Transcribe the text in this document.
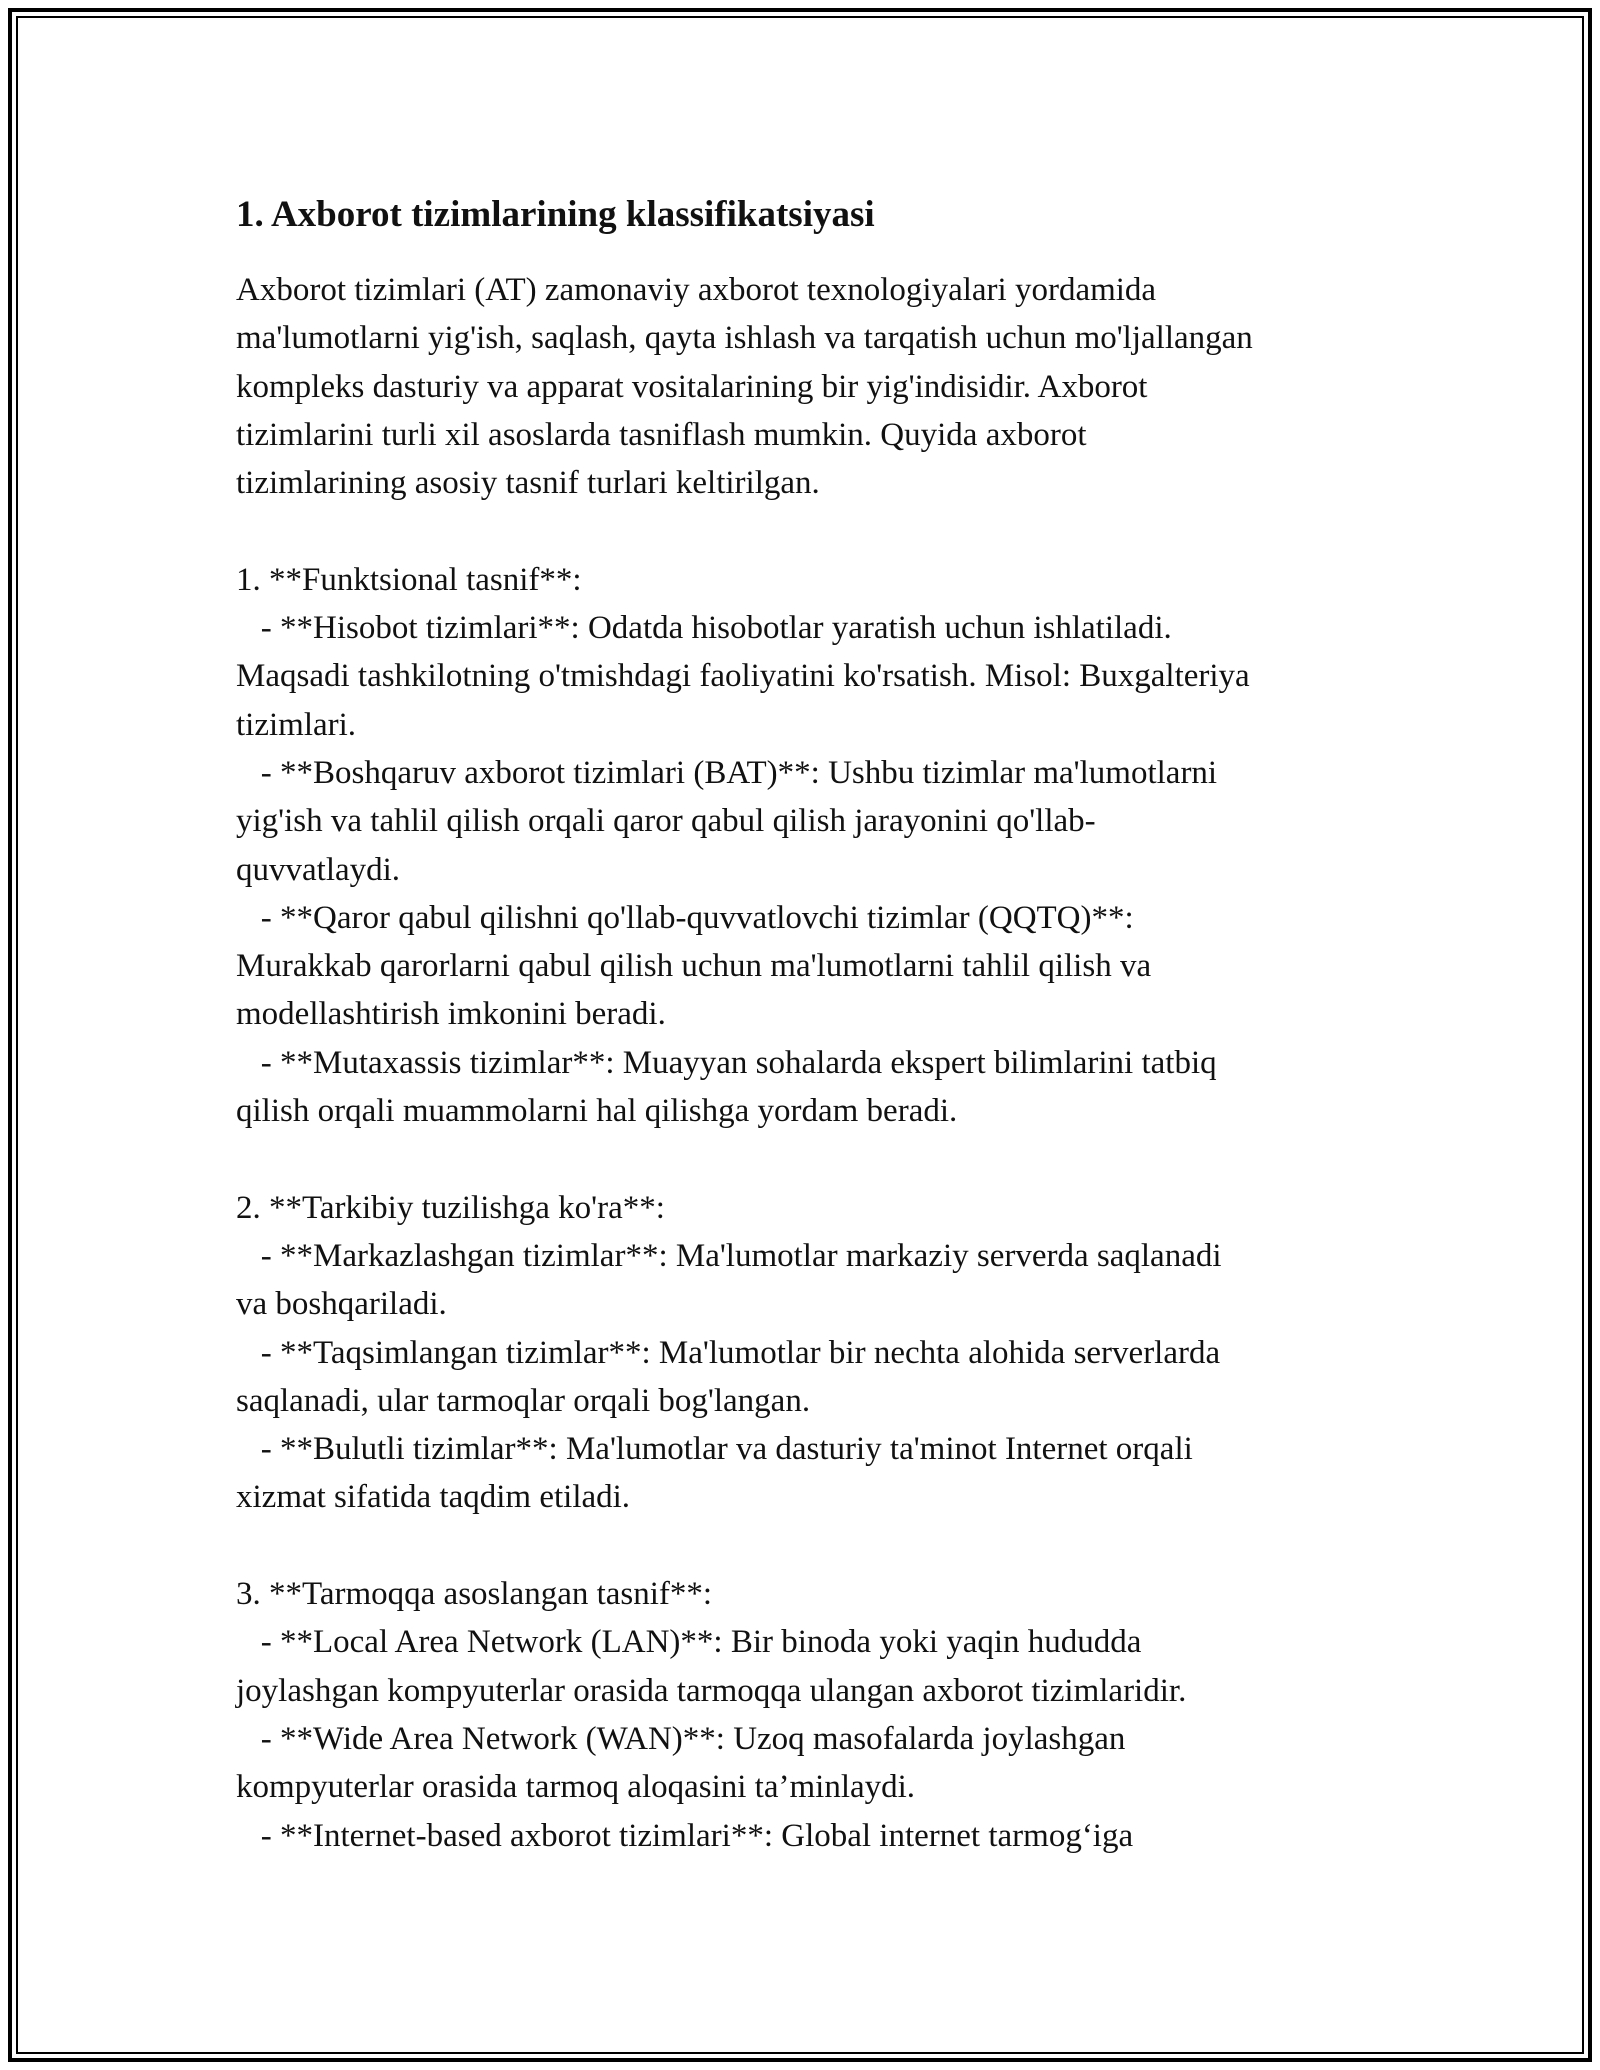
1. Axborot tizimlarining klassifikatsiyasi

Axborot tizimlari (AT) zamonaviy axborot texnologiyalari yordamida
ma'lumotlarni yig'ish, saqlash, qayta ishlash va tarqatish uchun mo'ljallangan
kompleks dasturiy va apparat vositalarining bir yig'indisidir. Axborot
tizimlarini turli xil asoslarda tasniflash mumkin. Quyida axborot
tizimlarining asosiy tasnif turlari keltirilgan.

1. **Funktsional tasnif**:
- **Hisobot tizimlari**: Odatda hisobotlar yaratish uchun ishlatiladi.
Maqsadi tashkilotning o'tmishdagi faoliyatini ko'rsatish. Misol: Buxgalteriya
tizimlari.
- **Boshqaruv axborot tizimlari (BAT)**: Ushbu tizimlar ma'lumotlarni
yig'ish va tahlil qilish orqali qaror qabul qilish jarayonini qo'llab-
quvvatlaydi.
- **Qaror qabul qilishni qo'llab-quvvatlovchi tizimlar (QQTQ)**:
Murakkab qarorlarni qabul qilish uchun ma'lumotlarni tahlil qilish va
modellashtirish imkonini beradi.
- **Mutaxassis tizimlar**: Muayyan sohalarda ekspert bilimlarini tatbiq
qilish orqali muammolarni hal qilishga yordam beradi.

2. **Tarkibiy tuzilishga ko'ra**:
- **Markazlashgan tizimlar**: Ma'lumotlar markaziy serverda saqlanadi
va boshqariladi.
- **Taqsimlangan tizimlar**: Ma'lumotlar bir nechta alohida serverlarda
saqlanadi, ular tarmoqlar orqali bog'langan.
- **Bulutli tizimlar**: Ma'lumotlar va dasturiy ta'minot Internet orqali
xizmat sifatida taqdim etiladi.

3. **Tarmoqqa asoslangan tasnif**:
- **Local Area Network (LAN)**: Bir binoda yoki yaqin hududda
joylashgan kompyuterlar orasida tarmoqqa ulangan axborot tizimlaridir.
- **Wide Area Network (WAN)**: Uzoq masofalarda joylashgan
kompyuterlar orasida tarmoq aloqasini ta’minlaydi.
- **Internet-based axborot tizimlari**: Global internet tarmog‘iga
